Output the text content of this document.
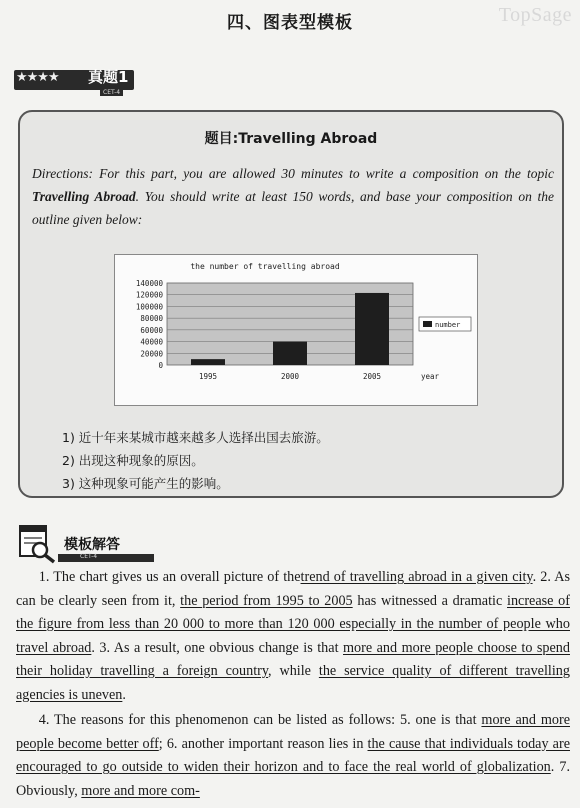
TopSage
四、图表型模板
★★★★ 真题1
CET-4
题目:Travelling Abroad
Directions: For this part, you are allowed 30 minutes to write a composition on the topic Travelling Abroad. You should write at least 150 words, and base your composition on the outline given below:
the number of travelling abroad
0
20000
40000
60000
80000
100000
120000
140000
1995	2000	2005	year
number
1) 近十年来某城市越来越多人选择出国去旅游。
2) 出现这种现象的原因。
3) 这种现象可能产生的影响。
模板解答
CET-4

1. The chart gives us an overall picture of thetrend of travelling abroad in a given city. 2. As can be clearly seen from it, the period from 1995 to 2005 has witnessed a dramatic increase of the figure from less than 20 000 to more than 120 000 especially in the number of people who travel abroad. 3. As a result, one obvious change is that more and more people choose to spend their holiday travelling a foreign country, while the service quality of different travelling agencies is uneven.

4. The reasons for this phenomenon can be listed as follows: 5. one is that more and more people become better off; 6. another important reason lies in the cause that individuals today are encouraged to go outside to widen their horizon and to face the real world of globalization. 7. Obviously, more and more com-
